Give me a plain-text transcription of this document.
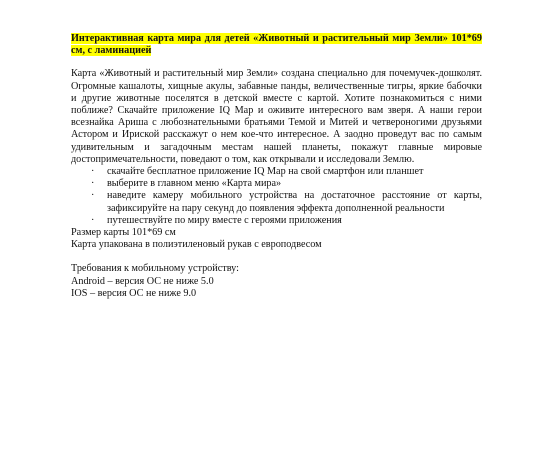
Интерактивная карта мира для детей «Животный и растительный мир Земли» 101*69 см, с ламинацией

Карта «Животный и растительный мир Земли» создана специально для почемучек-дошколят. Огромные кашалоты, хищные акулы, забавные панды, величественные тигры, яркие бабочки и другие животные поселятся в детской вместе с картой. Хотите познакомиться с ними поближе? Скачайте приложение IQ Map и оживите интересного вам зверя. А наши герои всезнайка Ариша с любознательными братьями Темой и Митей и четвероногими друзьями Астором и Ириской расскажут о нем кое-что интересное. А заодно проведут вас по самым удивительным и загадочным местам нашей планеты, покажут главные мировые достопримечательности, поведают о том, как открывали и исследовали Землю.

· скачайте бесплатное приложение IQ Map на свой смартфон или планшет
· выберите в главном меню «Карта мира»
· наведите камеру мобильного устройства на достаточное расстояние от карты, зафиксируйте на пару секунд до появления эффекта дополненной реальности
· путешествуйте по миру вместе с героями приложения

Размер карты 101*69 см

Карта упакована в полиэтиленовый рукав с европодвесом

Требования к мобильному устройству:

Android – версия ОС не ниже 5.0

IOS – версия ОС не ниже 9.0
